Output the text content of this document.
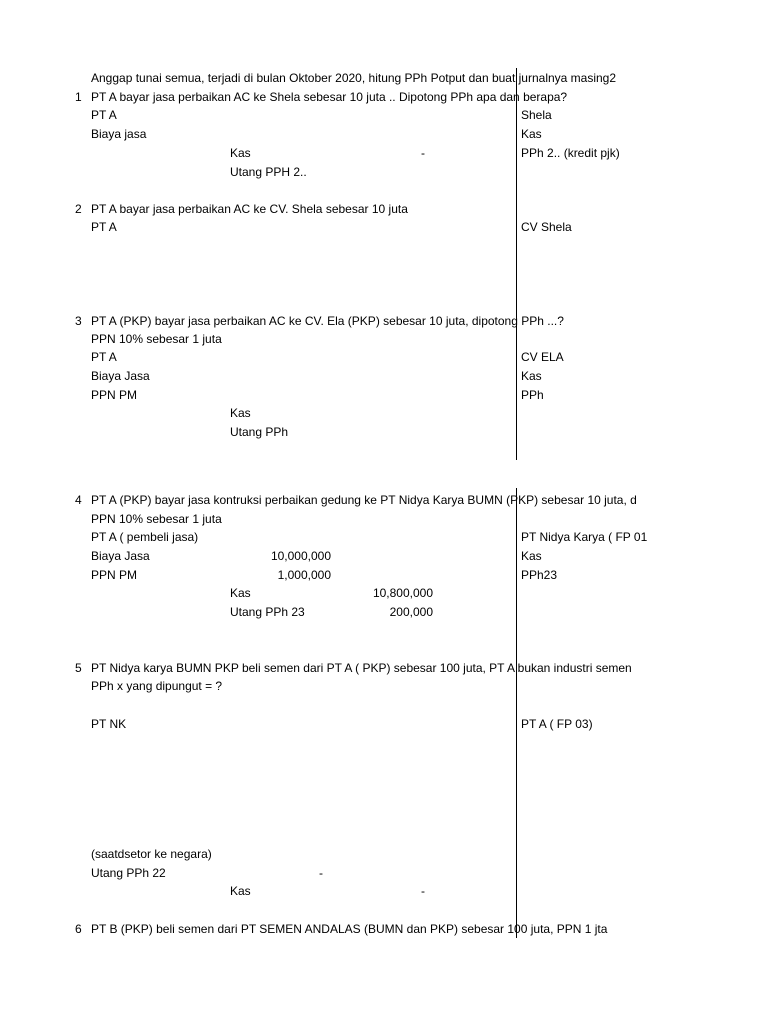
Anggap tunai semua, terjadi di bulan Oktober 2020, hitung PPh Potput dan buat jurnalnya masing2
1 PT A bayar jasa perbaikan AC ke Shela sebesar 10 juta .. Dipotong PPh apa dan berapa?
PT A	Shela
Biaya jasa	Kas
Kas	-	PPh 2.. (kredit pjk)
Utang PPH 2..
2 PT A bayar jasa perbaikan AC ke CV. Shela sebesar 10 juta
PT A	CV Shela
3 PT A (PKP) bayar jasa perbaikan AC ke CV. Ela (PKP) sebesar 10 juta, dipotong PPh ...?
PPN 10% sebesar 1 juta
PT A	CV ELA
Biaya Jasa	Kas
PPN PM	PPh
Kas
Utang PPh
4 PT A (PKP) bayar jasa kontruksi perbaikan gedung ke PT Nidya Karya BUMN (PKP) sebesar 10 juta, d
PPN 10% sebesar 1 juta
PT A ( pembeli jasa)	PT Nidya Karya ( FP 01
Biaya Jasa	10,000,000	Kas
PPN PM	1,000,000	PPh23
Kas	10,800,000
Utang PPh 23	200,000
5 PT Nidya karya BUMN PKP beli semen dari PT A ( PKP) sebesar 100 juta, PT A bukan industri semen
PPh x yang dipungut = ?
PT NK	PT A ( FP 03)
(saatdsetor ke negara)
Utang PPh 22	-
Kas	-
6 PT B (PKP) beli semen dari PT SEMEN ANDALAS (BUMN dan PKP) sebesar 100 juta, PPN 1 jta
